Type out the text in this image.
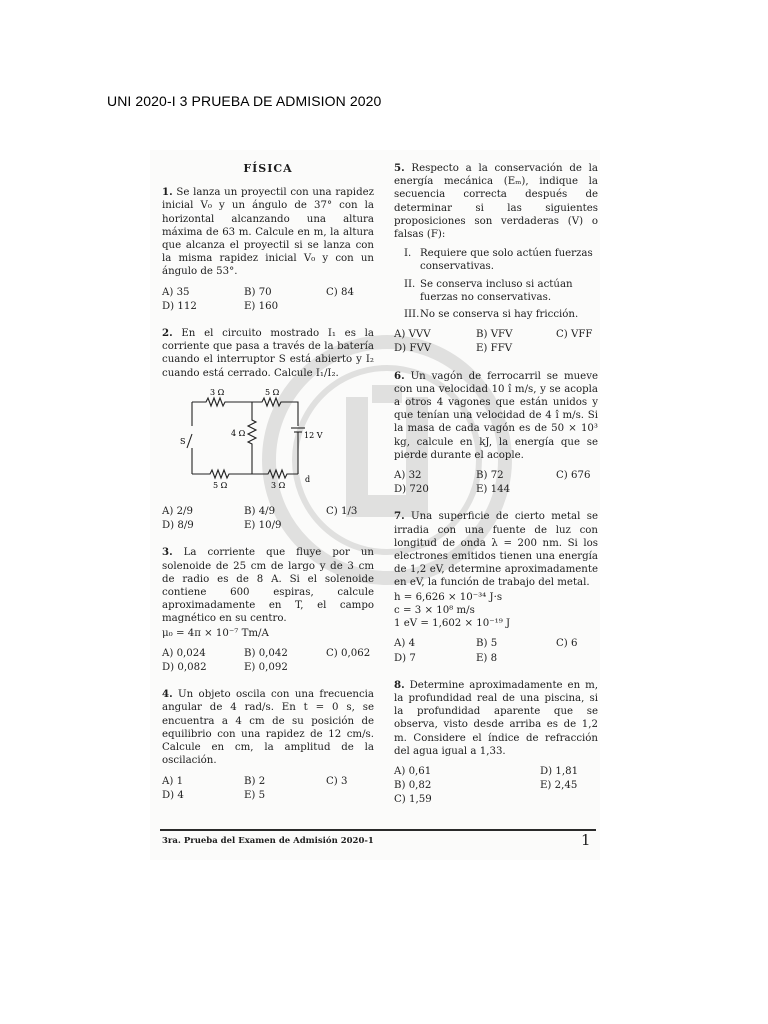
UNI 2020-I 3 PRUEBA DE ADMISION 2020
FÍSICA
1. Se lanza un proyectil con una rapidez inicial V₀ y un ángulo de 37° con la horizontal alcanzando una altura máxima de 63 m. Calcule en m, la altura que alcanza el proyectil si se lanza con la misma rapidez inicial V₀ y con un ángulo de 53°.
A) 35	B) 70	C) 84
D) 112	E) 160
2. En el circuito mostrado I₁ es la corriente que pasa a través de la batería cuando el interruptor S está abierto y I₂ cuando está cerrado. Calcule I₁/I₂.
3 Ω	5 Ω
4 Ω	12 V
S
5 Ω	3 Ω
d
A) 2/9	B) 4/9	C) 1/3
D) 8/9	E) 10/9
3. La corriente que fluye por un solenoide de 25 cm de largo y de 3 cm de radio es de 8 A. Si el solenoide contiene 600 espiras, calcule aproximadamente en T, el campo magnético en su centro.
μ₀ = 4π × 10⁻⁷ Tm/A
A) 0,024	B) 0,042	C) 0,062
D) 0,082	E) 0,092
4. Un objeto oscila con una frecuencia angular de 4 rad/s. En t = 0 s, se encuentra a 4 cm de su posición de equilibrio con una rapidez de 12 cm/s. Calcule en cm, la amplitud de la oscilación.
A) 1	B) 2	C) 3
D) 4	E) 5
5. Respecto a la conservación de la energía mecánica (Eₘ), indique la secuencia correcta después de determinar si las siguientes proposiciones son verdaderas (V) o falsas (F):
I. Requiere que solo actúen fuerzas conservativas.
II. Se conserva incluso si actúan fuerzas no conservativas.
III. No se conserva si hay fricción.
A) VVV	B) VFV	C) VFF
D) FVV	E) FFV
6. Un vagón de ferrocarril se mueve con una velocidad 10 î m/s, y se acopla a otros 4 vagones que están unidos y que tenían una velocidad de 4 î m/s. Si la masa de cada vagón es de 50 × 10³ kg, calcule en kJ, la energía que se pierde durante el acople.
A) 32	B) 72	C) 676
D) 720	E) 144
7. Una superficie de cierto metal se irradia con una fuente de luz con longitud de onda λ = 200 nm. Si los electrones emitidos tienen una energía de 1,2 eV, determine aproximadamente en eV, la función de trabajo del metal.
h = 6,626 × 10⁻³⁴ J·s
c = 3 × 10⁸ m/s
1 eV = 1,602 × 10⁻¹⁹ J
A) 4	B) 5	C) 6
D) 7	E) 8
8. Determine aproximadamente en m, la profundidad real de una piscina, si la profundidad aparente que se observa, visto desde arriba es de 1,2 m. Considere el índice de refracción del agua igual a 1,33.
A) 0,61	D) 1,81
B) 0,82	E) 2,45
C) 1,59
3ra. Prueba del Examen de Admisión 2020-1	1
